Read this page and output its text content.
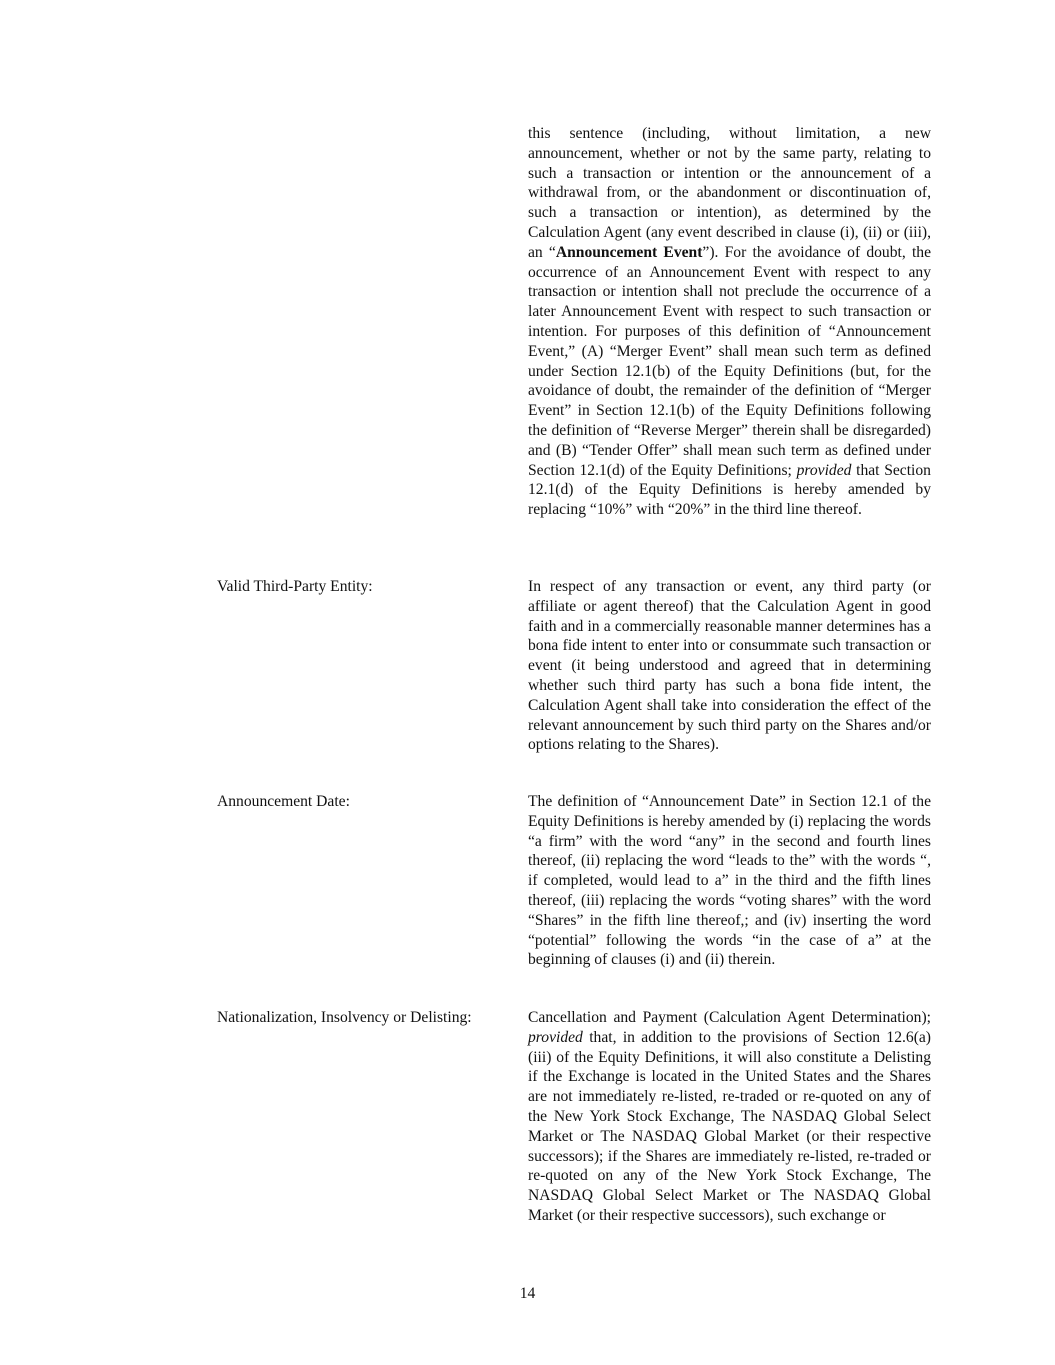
this sentence (including, without limitation, a new announcement, whether or not by the same party, relating to such a transaction or intention or the announcement of a withdrawal from, or the abandonment or discontinuation of, such a transaction or intention), as determined by the Calculation Agent (any event described in clause (i), (ii) or (iii), an “Announcement Event”). For the avoidance of doubt, the occurrence of an Announcement Event with respect to any transaction or intention shall not preclude the occurrence of a later Announcement Event with respect to such transaction or intention. For purposes of this definition of “Announcement Event,” (A) “Merger Event” shall mean such term as defined under Section 12.1(b) of the Equity Definitions (but, for the avoidance of doubt, the remainder of the definition of “Merger Event” in Section 12.1(b) of the Equity Definitions following the definition of “Reverse Merger” therein shall be disregarded) and (B) “Tender Offer” shall mean such term as defined under Section 12.1(d) of the Equity Definitions; provided that Section 12.1(d) of the Equity Definitions is hereby amended by replacing “10%” with “20%” in the third line thereof.

Valid Third-Party Entity:	In respect of any transaction or event, any third party (or affiliate or agent thereof) that the Calculation Agent in good faith and in a commercially reasonable manner determines has a bona fide intent to enter into or consummate such transaction or event (it being understood and agreed that in determining whether such third party has such a bona fide intent, the Calculation Agent shall take into consideration the effect of the relevant announcement by such third party on the Shares and/or options relating to the Shares).

Announcement Date:	The definition of “Announcement Date” in Section 12.1 of the Equity Definitions is hereby amended by (i) replacing the words “a firm” with the word “any” in the second and fourth lines thereof, (ii) replacing the word “leads to the” with the words “, if completed, would lead to a” in the third and the fifth lines thereof, (iii) replacing the words “voting shares” with the word “Shares” in the fifth line thereof,; and (iv) inserting the word “potential” following the words “in the case of a” at the beginning of clauses (i) and (ii) therein.

Nationalization, Insolvency or Delisting:	Cancellation and Payment (Calculation Agent Determination); provided that, in addition to the provisions of Section 12.6(a)(iii) of the Equity Definitions, it will also constitute a Delisting if the Exchange is located in the United States and the Shares are not immediately re-listed, re-traded or re-quoted on any of the New York Stock Exchange, The NASDAQ Global Select Market or The NASDAQ Global Market (or their respective successors); if the Shares are immediately re-listed, re-traded or re-quoted on any of the New York Stock Exchange, The NASDAQ Global Select Market or The NASDAQ Global Market (or their respective successors), such exchange or

14
